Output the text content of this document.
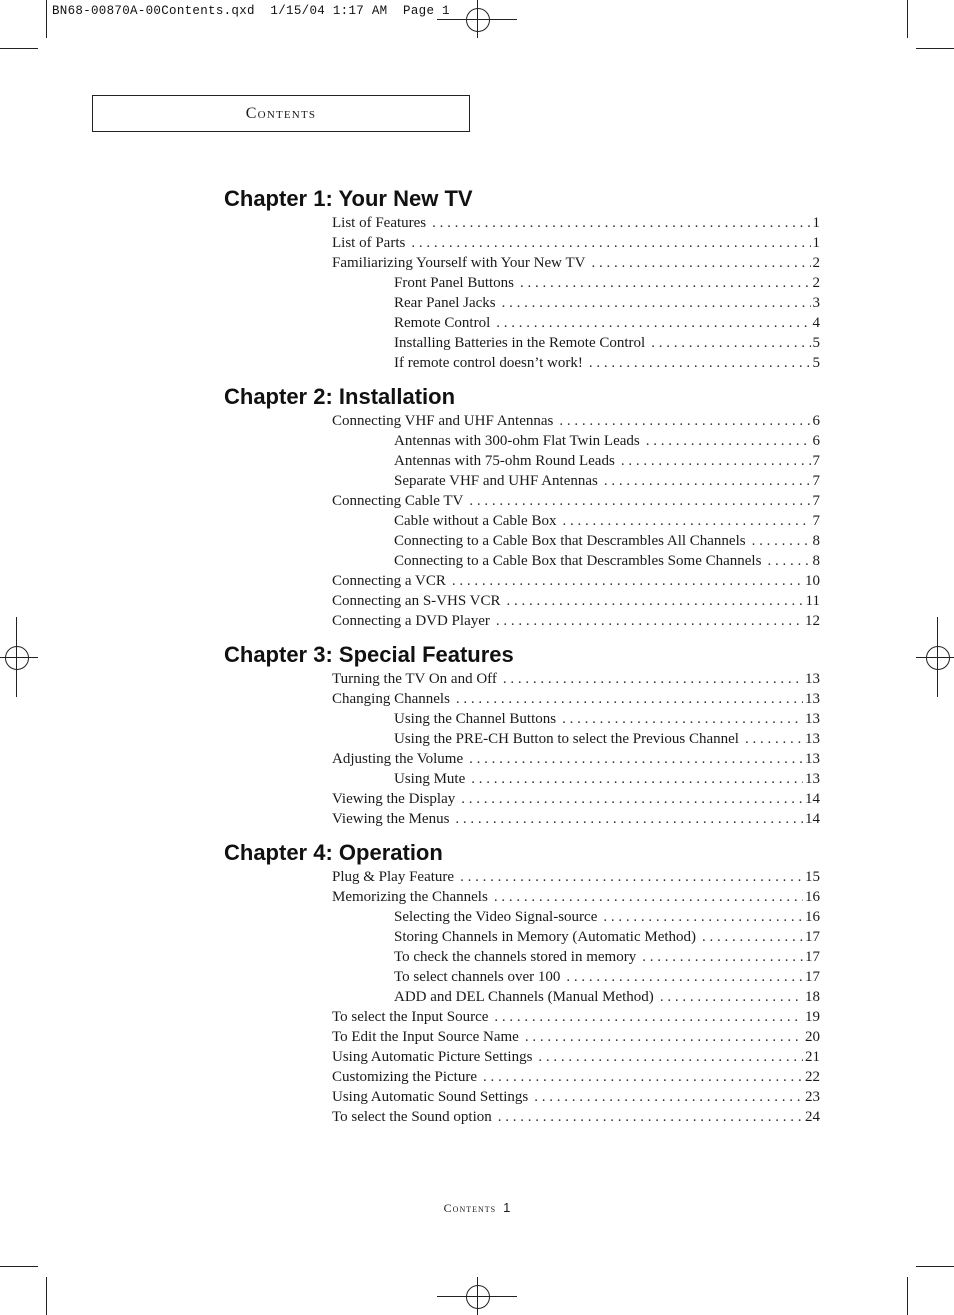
BN68-00870A-00Contents.qxd  1/15/04 1:17 AM  Page 1
Contents
Chapter 1: Your New TV
List of Features . . .	1
List of Parts . . .	1
Familiarizing Yourself with Your New TV . . .	2
Front Panel Buttons . . .	2
Rear Panel Jacks . . .	3
Remote Control . . .	4
Installing Batteries in the Remote Control . . .	5
If remote control doesn’t work! . . .	5
Chapter 2: Installation
Connecting VHF and UHF Antennas . . .	6
Antennas with 300-ohm Flat Twin Leads . . .	6
Antennas with 75-ohm Round Leads . . .	7
Separate VHF and UHF Antennas . . .	7
Connecting Cable TV . . .	7
Cable without a Cable Box . . .	7
Connecting to a Cable Box that Descrambles All Channels . . .	8
Connecting to a Cable Box that Descrambles Some Channels . . .	8
Connecting a VCR . . .	10
Connecting an S-VHS VCR . . .	11
Connecting a DVD Player . . .	12
Chapter 3: Special Features
Turning the TV On and Off . . .	13
Changing Channels . . .	13
Using the Channel Buttons . . .	13
Using the PRE-CH Button to select the Previous Channel . . .	13
Adjusting the Volume . . .	13
Using Mute . . .	13
Viewing the Display . . .	14
Viewing the Menus . . .	14
Chapter 4: Operation
Plug & Play Feature . . .	15
Memorizing the Channels . . .	16
Selecting the Video Signal-source . . .	16
Storing Channels in Memory (Automatic Method) . . .	17
To check the channels stored in memory . . .	17
To select channels over 100 . . .	17
ADD and DEL Channels (Manual Method) . . .	18
To select the Input Source . . .	19
To Edit the Input Source Name . . .	20
Using Automatic Picture Settings . . .	21
Customizing the Picture . . .	22
Using Automatic Sound Settings . . .	23
To select the Sound option . . .	24
Contents 1
